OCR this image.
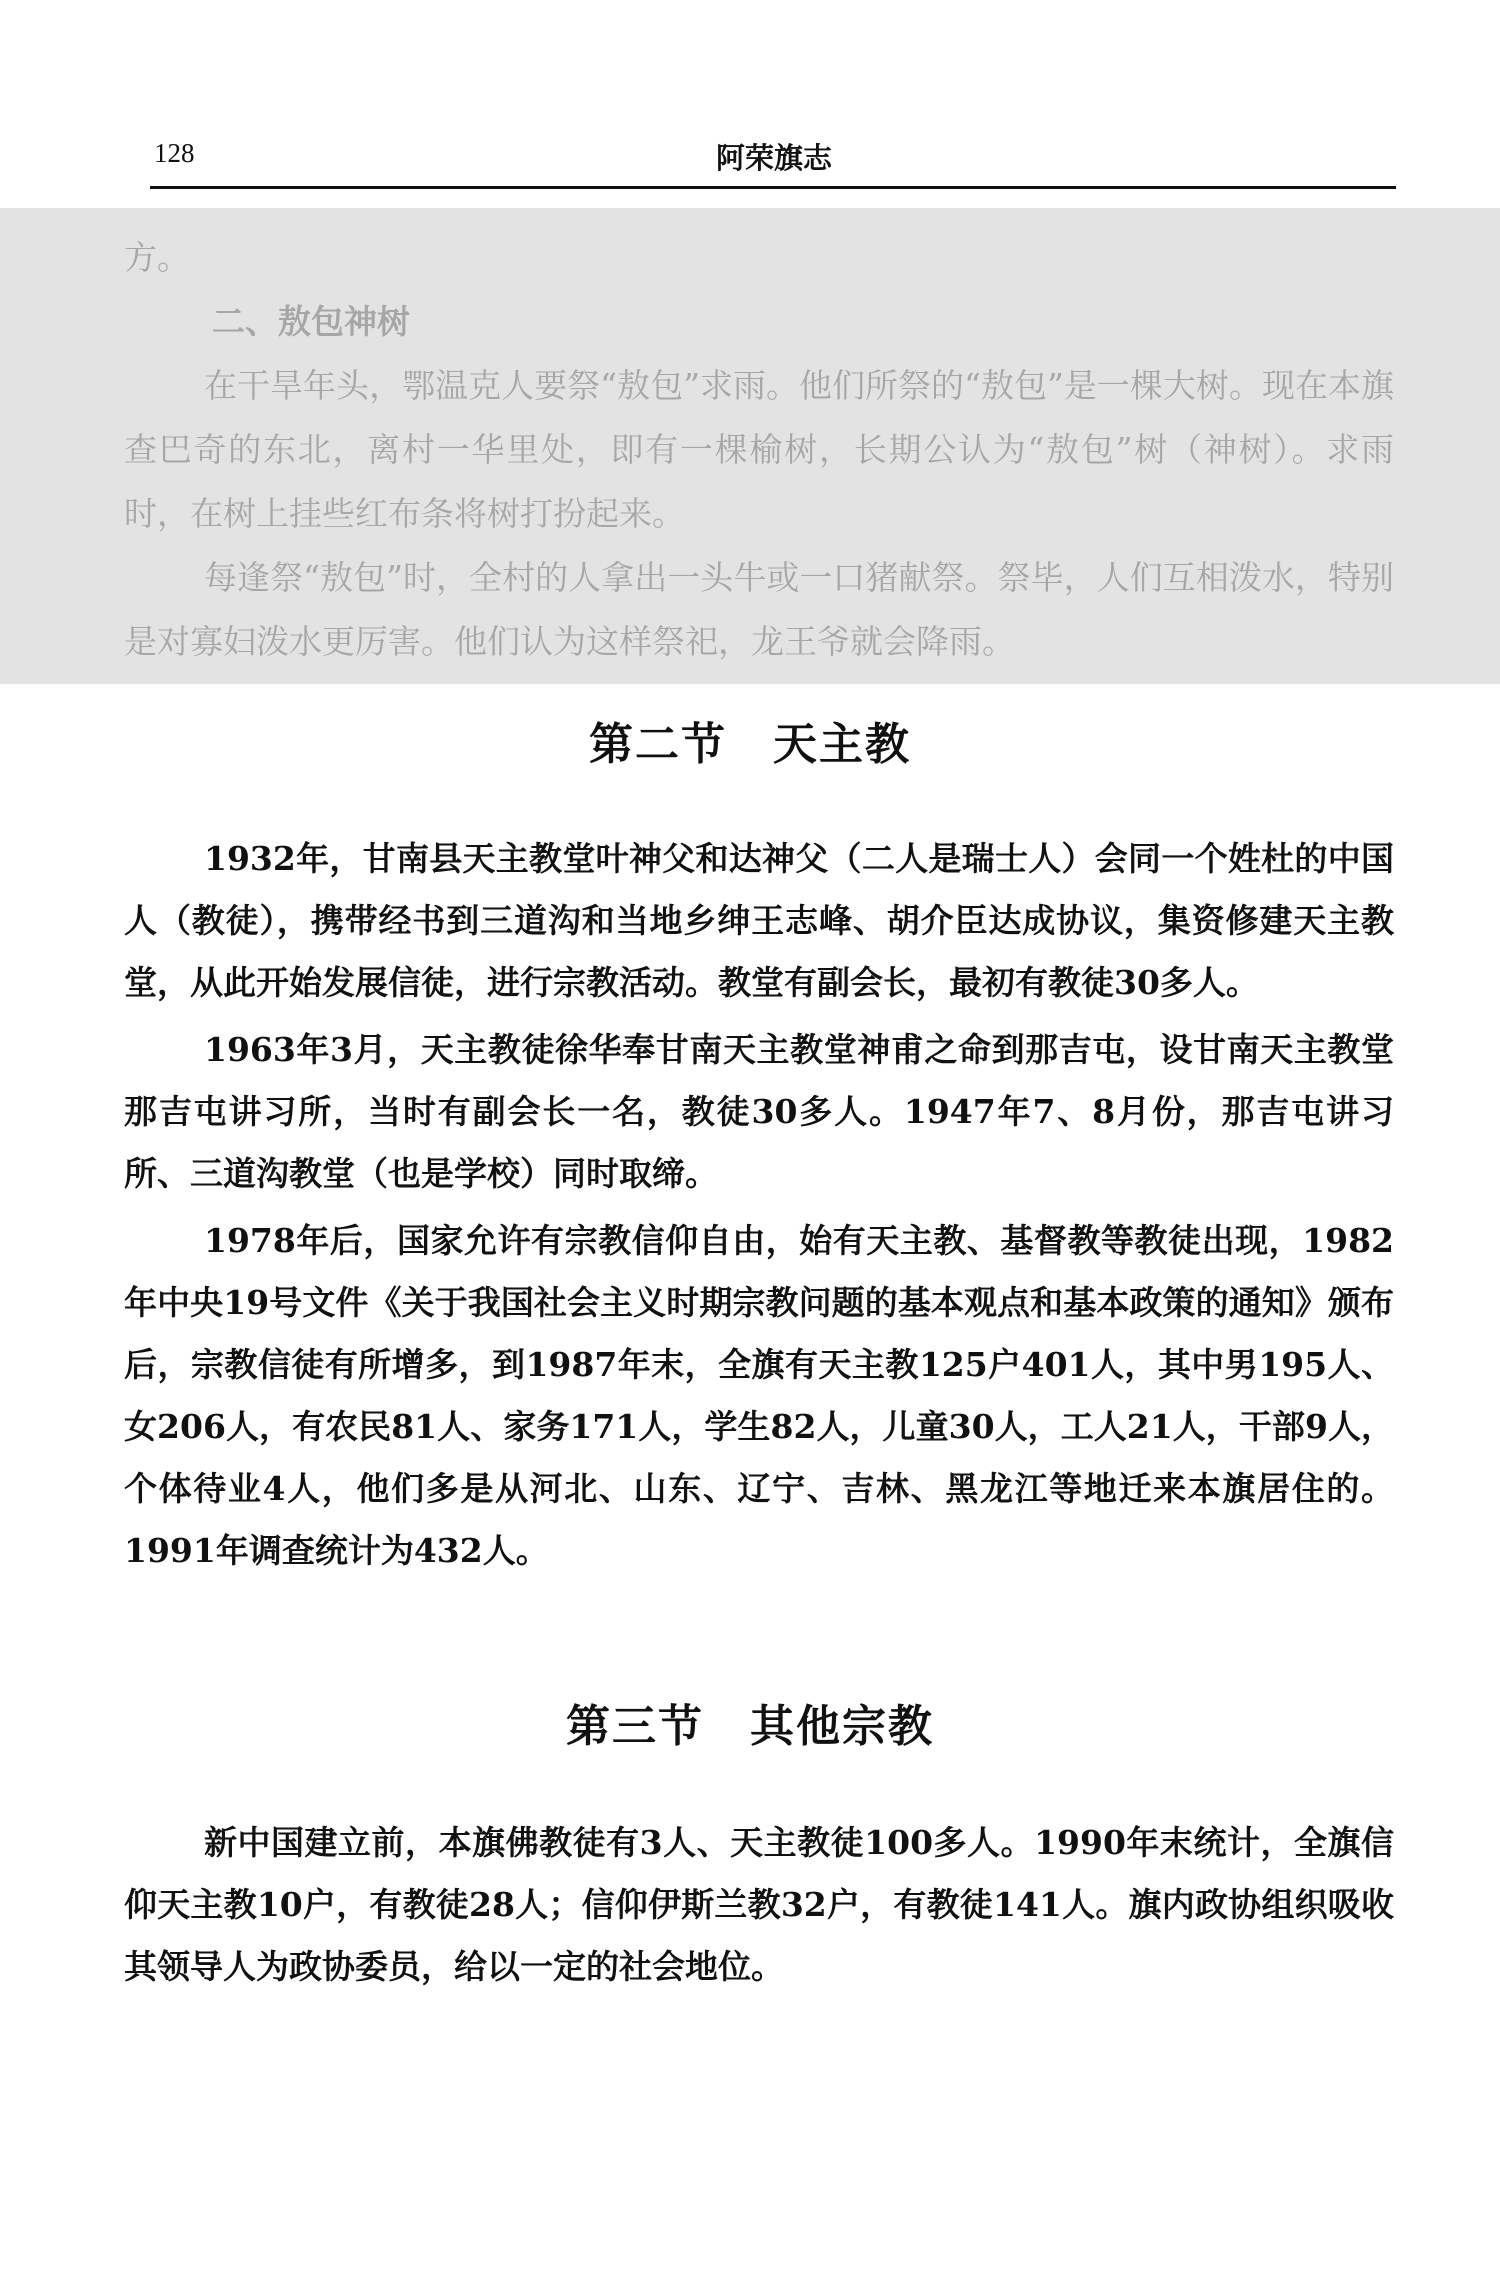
128	阿荣旗志

方。

二、敖包神树

在干旱年头，鄂温克人要祭“敖包”求雨。他们所祭的“敖包”是一棵大树。现在本旗查巴奇的东北，离村一华里处，即有一棵榆树，长期公认为“敖包”树（神树）。求雨时，在树上挂些红布条将树打扮起来。

每逢祭“敖包”时，全村的人拿出一头牛或一口猪献祭。祭毕，人们互相泼水，特别是对寡妇泼水更厉害。他们认为这样祭祀，龙王爷就会降雨。

第二节　天主教

1932年，甘南县天主教堂叶神父和达神父（二人是瑞士人）会同一个姓杜的中国人（教徒），携带经书到三道沟和当地乡绅王志峰、胡介臣达成协议，集资修建天主教堂，从此开始发展信徒，进行宗教活动。教堂有副会长，最初有教徒30多人。

1963年3月，天主教徒徐华奉甘南天主教堂神甫之命到那吉屯，设甘南天主教堂那吉屯讲习所，当时有副会长一名，教徒30多人。1947年7、8月份，那吉屯讲习所、三道沟教堂（也是学校）同时取缔。

1978年后，国家允许有宗教信仰自由，始有天主教、基督教等教徒出现，1982年中央19号文件《关于我国社会主义时期宗教问题的基本观点和基本政策的通知》颁布后，宗教信徒有所增多，到1987年末，全旗有天主教125户401人，其中男195人、女206人，有农民81人、家务171人，学生82人，儿童30人，工人21人，干部9人，个体待业4人，他们多是从河北、山东、辽宁、吉林、黑龙江等地迁来本旗居住的。1991年调查统计为432人。

第三节　其他宗教

新中国建立前，本旗佛教徒有3人、天主教徒100多人。1990年末统计，全旗信仰天主教10户，有教徒28人；信仰伊斯兰教32户，有教徒141人。旗内政协组织吸收其领导人为政协委员，给以一定的社会地位。
